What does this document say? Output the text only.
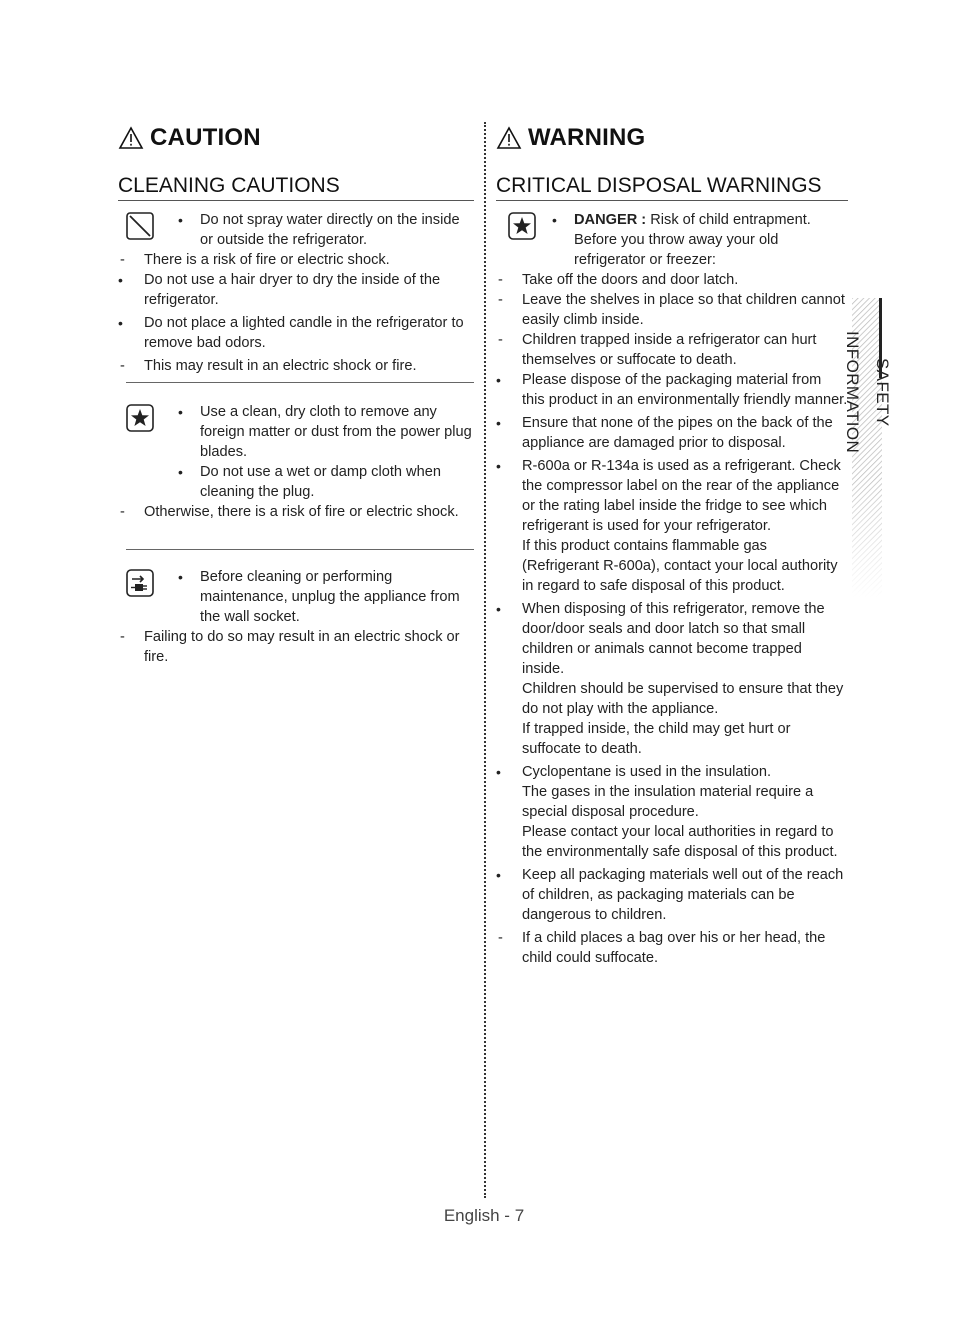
CAUTION
CLEANING CAUTIONS
• Do not spray water directly on the inside or outside the refrigerator.
- There is a risk of fire or electric shock.
• Do not use a hair dryer to dry the inside of the refrigerator.
• Do not place a lighted candle in the refrigerator to remove bad odors.
- This may result in an electric shock or fire.
• Use a clean, dry cloth to remove any foreign matter or dust from the power plug blades.
• Do not use a wet or damp cloth when cleaning the plug.
- Otherwise, there is a risk of fire or electric shock.
• Before cleaning or performing maintenance, unplug the appliance from the wall socket.
- Failing to do so may result in an electric shock or fire.
WARNING
CRITICAL DISPOSAL WARNINGS
• DANGER : Risk of child entrapment. Before you throw away your old refrigerator or freezer:
- Take off the doors and door latch.
- Leave the shelves in place so that children cannot easily climb inside.
- Children trapped inside a refrigerator can hurt themselves or suffocate to death.
• Please dispose of the packaging material from this product in an environmentally friendly manner.
• Ensure that none of the pipes on the back of the appliance are damaged prior to disposal.
• R-600a or R-134a is used as a refrigerant. Check the compressor label on the rear of the appliance or the rating label inside the fridge to see which refrigerant is used for your refrigerator.
If this product contains flammable gas (Refrigerant R-600a), contact your local authority in regard to safe disposal of this product.
• When disposing of this refrigerator, remove the door/door seals and door latch so that small children or animals cannot become trapped inside.
Children should be supervised to ensure that they do not play with the appliance.
If trapped inside, the child may get hurt or suffocate to death.
• Cyclopentane is used in the insulation.
The gases in the insulation material require a special disposal procedure.
Please contact your local authorities in regard to the environmentally safe disposal of this product.
• Keep all packaging materials well out of the reach of children, as packaging materials can be dangerous to children.
- If a child places a bag over his or her head, the child could suffocate.
SAFETY INFORMATION
English - 7
